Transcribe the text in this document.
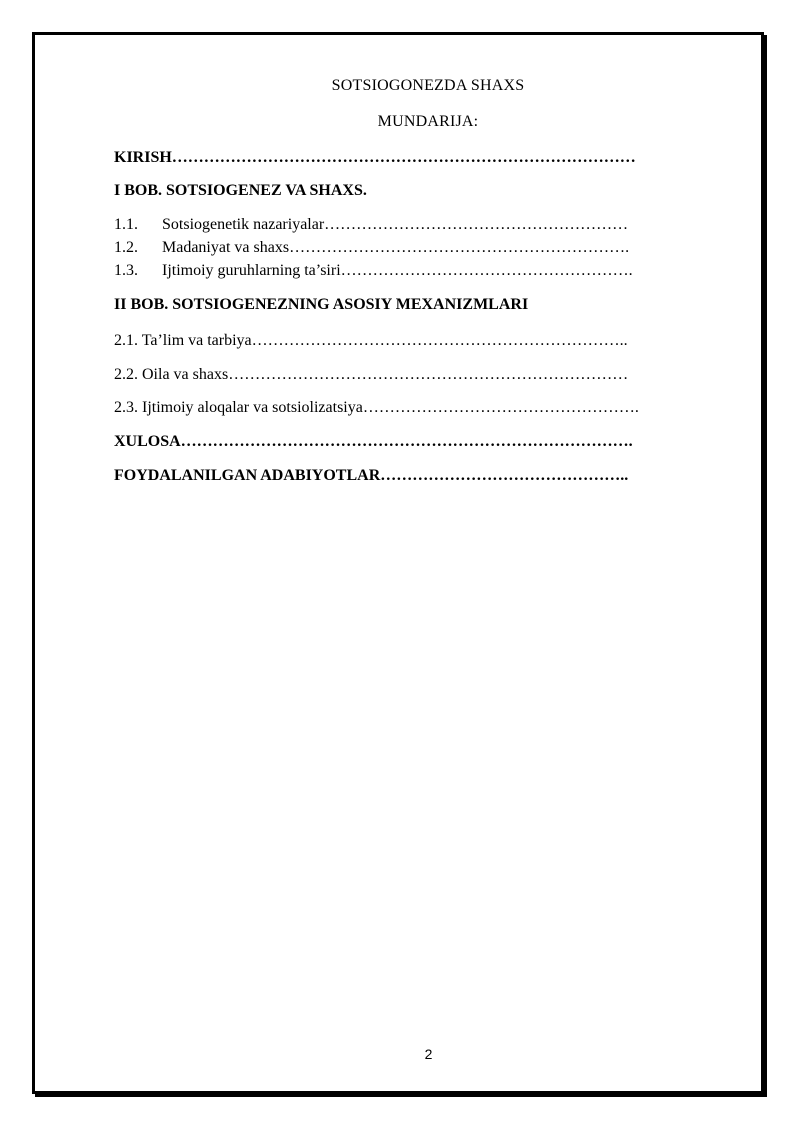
SOTSIOGONEZDA SHAXS
MUNDARIJA:
KIRISH……………………………………………………………………………
I BOB. SOTSIOGENEZ VA SHAXS.
1.1. Sotsiogenetik nazariyalar…………………………………………………
1.2. Madaniyat va shaxs……………………………………………………….
1.3. Ijtimoiy guruhlarning ta’siri……………………………………………….
II BOB. SOTSIOGENEZNING ASOSIY MEXANIZMLARI
2.1. Ta’lim va tarbiya……………………………………………………………..
2.2. Oila va shaxs…………………………………………………………………
2.3. Ijtimoiy aloqalar va sotsiolizatsiya…………………………………………….
XULOSA………………………………………………………………………….
FOYDALANILGAN ADABIYOTLAR………………………………………..
2
